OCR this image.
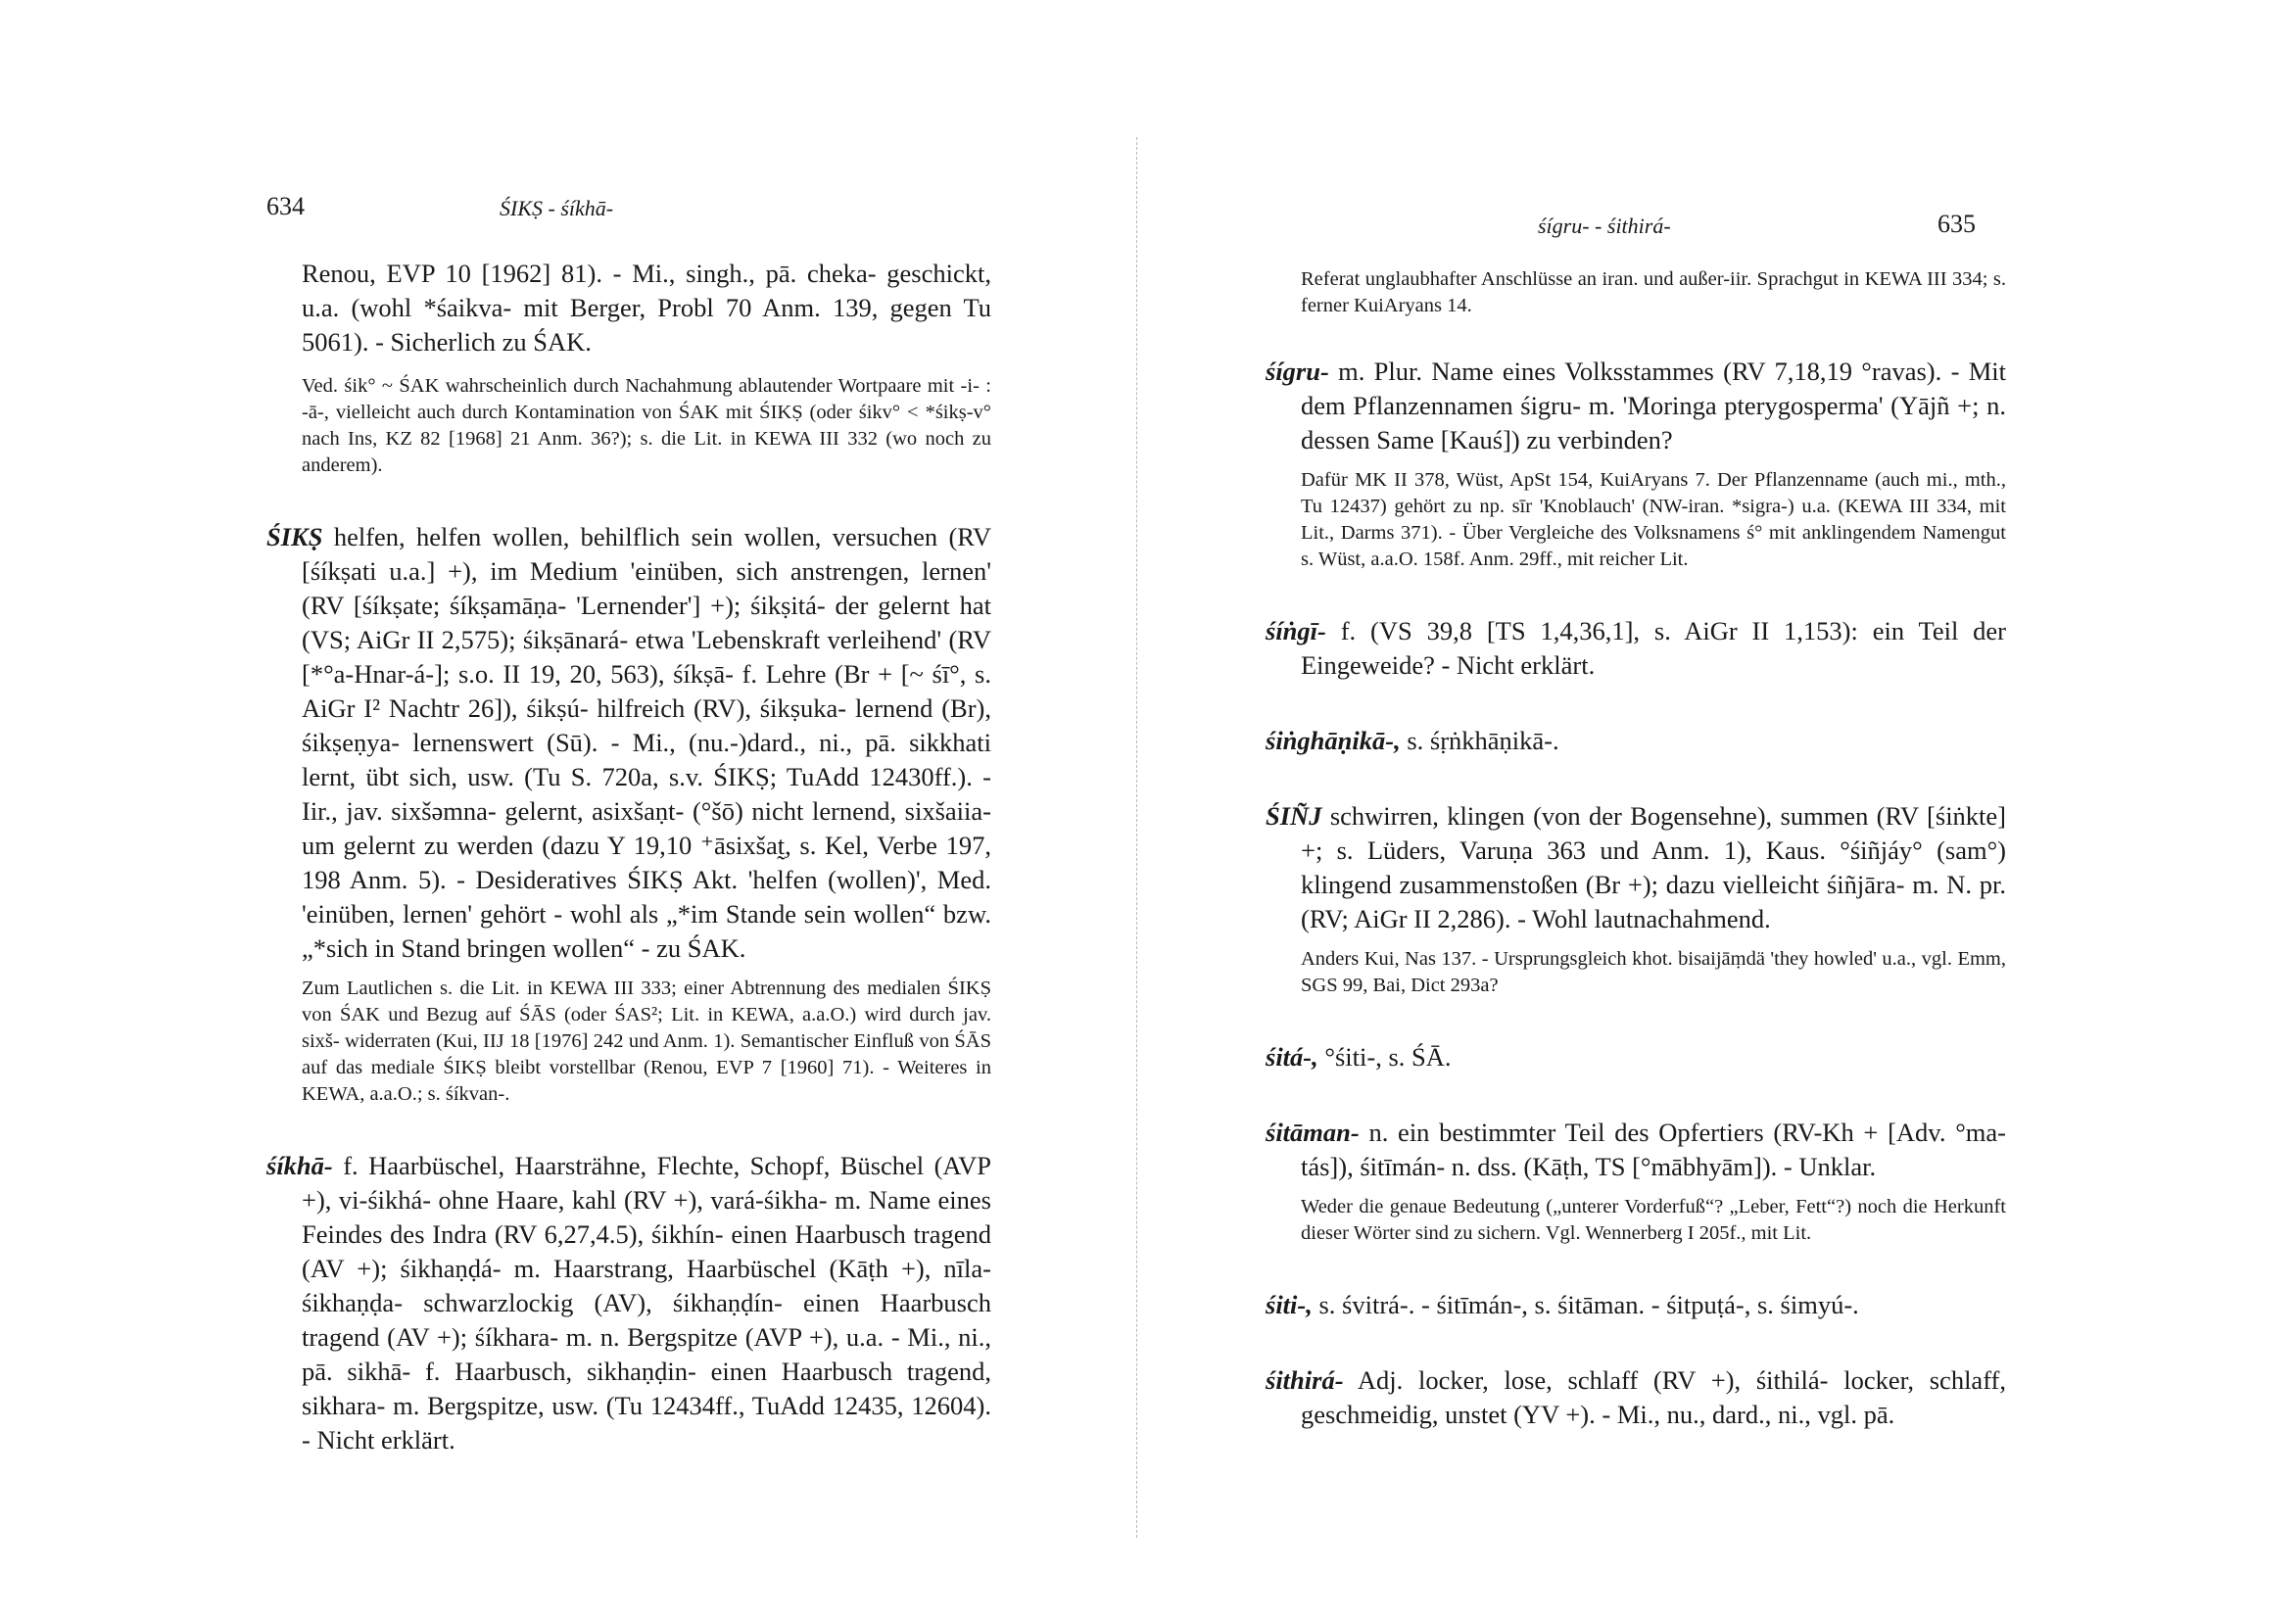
634	ŚIKṢ - śíkhā-

Renou, EVP 10 [1962] 81). - Mi., singh., pā. cheka- geschickt, u.a. (wohl *śaikva- mit Berger, Probl 70 Anm. 139, gegen Tu 5061). - Sicherlich zu ŚAK.

Ved. śik° ~ ŚAK wahrscheinlich durch Nachahmung ablautender Wortpaare mit -i- : -ā-, vielleicht auch durch Kontamination von ŚAK mit ŚIKṢ (oder śikv° < *śikṣ-v° nach Ins, KZ 82 [1968] 21 Anm. 36?); s. die Lit. in KEWA III 332 (wo noch zu anderem).

ŚIKṢ helfen, helfen wollen, behilflich sein wollen, versuchen (RV [śíkṣati u.a.] +), im Medium 'einüben, sich anstrengen, lernen' (RV [śíkṣate; śíkṣamāṇa- 'Lernender'] +); śikṣitá- der gelernt hat (VS; AiGr II 2,575); śikṣānará- etwa 'Lebenskraft verleihend' (RV [*°a-Hnar-á-]; s.o. II 19, 20, 563), śíkṣā- f. Lehre (Br + [~ śī°, s. AiGr I² Nachtr 26]), śikṣú- hilfreich (RV), śikṣuka- lernend (Br), śikṣeṇya- lernenswert (Sū). - Mi., (nu.-)dard., ni., pā. sikkhati lernt, übt sich, usw. (Tu S. 720a, s.v. ŚIKṢ; TuAdd 12430ff.). - Iir., jav. sixšəmna- gelernt, asixšaṇt- (°šō) nicht lernend, sixšaiia- um gelernt zu werden (dazu Y 19,10 ⁺āsixšat̰, s. Kel, Verbe 197, 198 Anm. 5). - Desideratives ŚIKṢ Akt. 'helfen (wollen)', Med. 'einüben, lernen' gehört - wohl als „*im Stande sein wollen“ bzw. „*sich in Stand bringen wollen“ - zu ŚAK.

Zum Lautlichen s. die Lit. in KEWA III 333; einer Abtrennung des medialen ŚIKṢ von ŚAK und Bezug auf ŚĀS (oder ŚAS²; Lit. in KEWA, a.a.O.) wird durch jav. sixš- widerraten (Kui, IIJ 18 [1976] 242 und Anm. 1). Semantischer Einfluß von ŚĀS auf das mediale ŚIKṢ bleibt vorstellbar (Renou, EVP 7 [1960] 71). - Weiteres in KEWA, a.a.O.; s. śíkvan-.

śíkhā- f. Haarbüschel, Haarsträhne, Flechte, Schopf, Büschel (AVP +), vi-śikhá- ohne Haare, kahl (RV +), vará-śikha- m. Name eines Feindes des Indra (RV 6,27,4.5), śikhín- einen Haarbusch tragend (AV +); śikhaṇḍá- m. Haarstrang, Haarbüschel (Kāṭh +), nīla-śikhaṇḍa- schwarzlockig (AV), śikhaṇḍín- einen Haarbusch tragend (AV +); śíkhara- m. n. Bergspitze (AVP +), u.a. - Mi., ni., pā. sikhā- f. Haarbusch, sikhaṇḍin- einen Haarbusch tragend, sikhara- m. Bergspitze, usw. (Tu 12434ff., TuAdd 12435, 12604). - Nicht erklärt.

śígru- - śithirá-	635

Referat unglaubhafter Anschlüsse an iran. und außer-iir. Sprachgut in KEWA III 334; s. ferner KuiAryans 14.

śígru- m. Plur. Name eines Volksstammes (RV 7,18,19 °ravas). - Mit dem Pflanzennamen śigru- m. 'Moringa pterygosperma' (Yājñ +; n. dessen Same [Kauś]) zu verbinden?

Dafür MK II 378, Wüst, ApSt 154, KuiAryans 7. Der Pflanzenname (auch mi., mth., Tu 12437) gehört zu np. sīr 'Knoblauch' (NW-iran. *sigra-) u.a. (KEWA III 334, mit Lit., Darms 371). - Über Vergleiche des Volksnamens ś° mit anklingendem Namengut s. Wüst, a.a.O. 158f. Anm. 29ff., mit reicher Lit.

śíṅgī- f. (VS 39,8 [TS 1,4,36,1], s. AiGr II 1,153): ein Teil der Eingeweide? - Nicht erklärt.

śiṅghāṇikā-, s. śṛṅkhāṇikā-.

ŚIÑJ schwirren, klingen (von der Bogensehne), summen (RV [śiṅkte] +; s. Lüders, Varuṇa 363 und Anm. 1), Kaus. °śiñjáy° (sam°) klingend zusammenstoßen (Br +); dazu vielleicht śiñjāra- m. N. pr. (RV; AiGr II 2,286). - Wohl lautnachahmend.

Anders Kui, Nas 137. - Ursprungsgleich khot. bisaijāṃdä 'they howled' u.a., vgl. Emm, SGS 99, Bai, Dict 293a?

śitá-, °śiti-, s. ŚĀ.

śitāman- n. ein bestimmter Teil des Opfertiers (RV-Kh + [Adv. °ma-tás]), śitīmán- n. dss. (Kāṭh, TS [°mābhyām]). - Unklar.

Weder die genaue Bedeutung („unterer Vorderfuß“? „Leber, Fett“?) noch die Herkunft dieser Wörter sind zu sichern. Vgl. Wennerberg I 205f., mit Lit.

śiti-, s. śvitrá-. - śitīmán-, s. śitāman. - śitpuṭá-, s. śimyú-.

śithirá- Adj. locker, lose, schlaff (RV +), śithilá- locker, schlaff, geschmeidig, unstet (YV +). - Mi., nu., dard., ni., vgl. pā.
